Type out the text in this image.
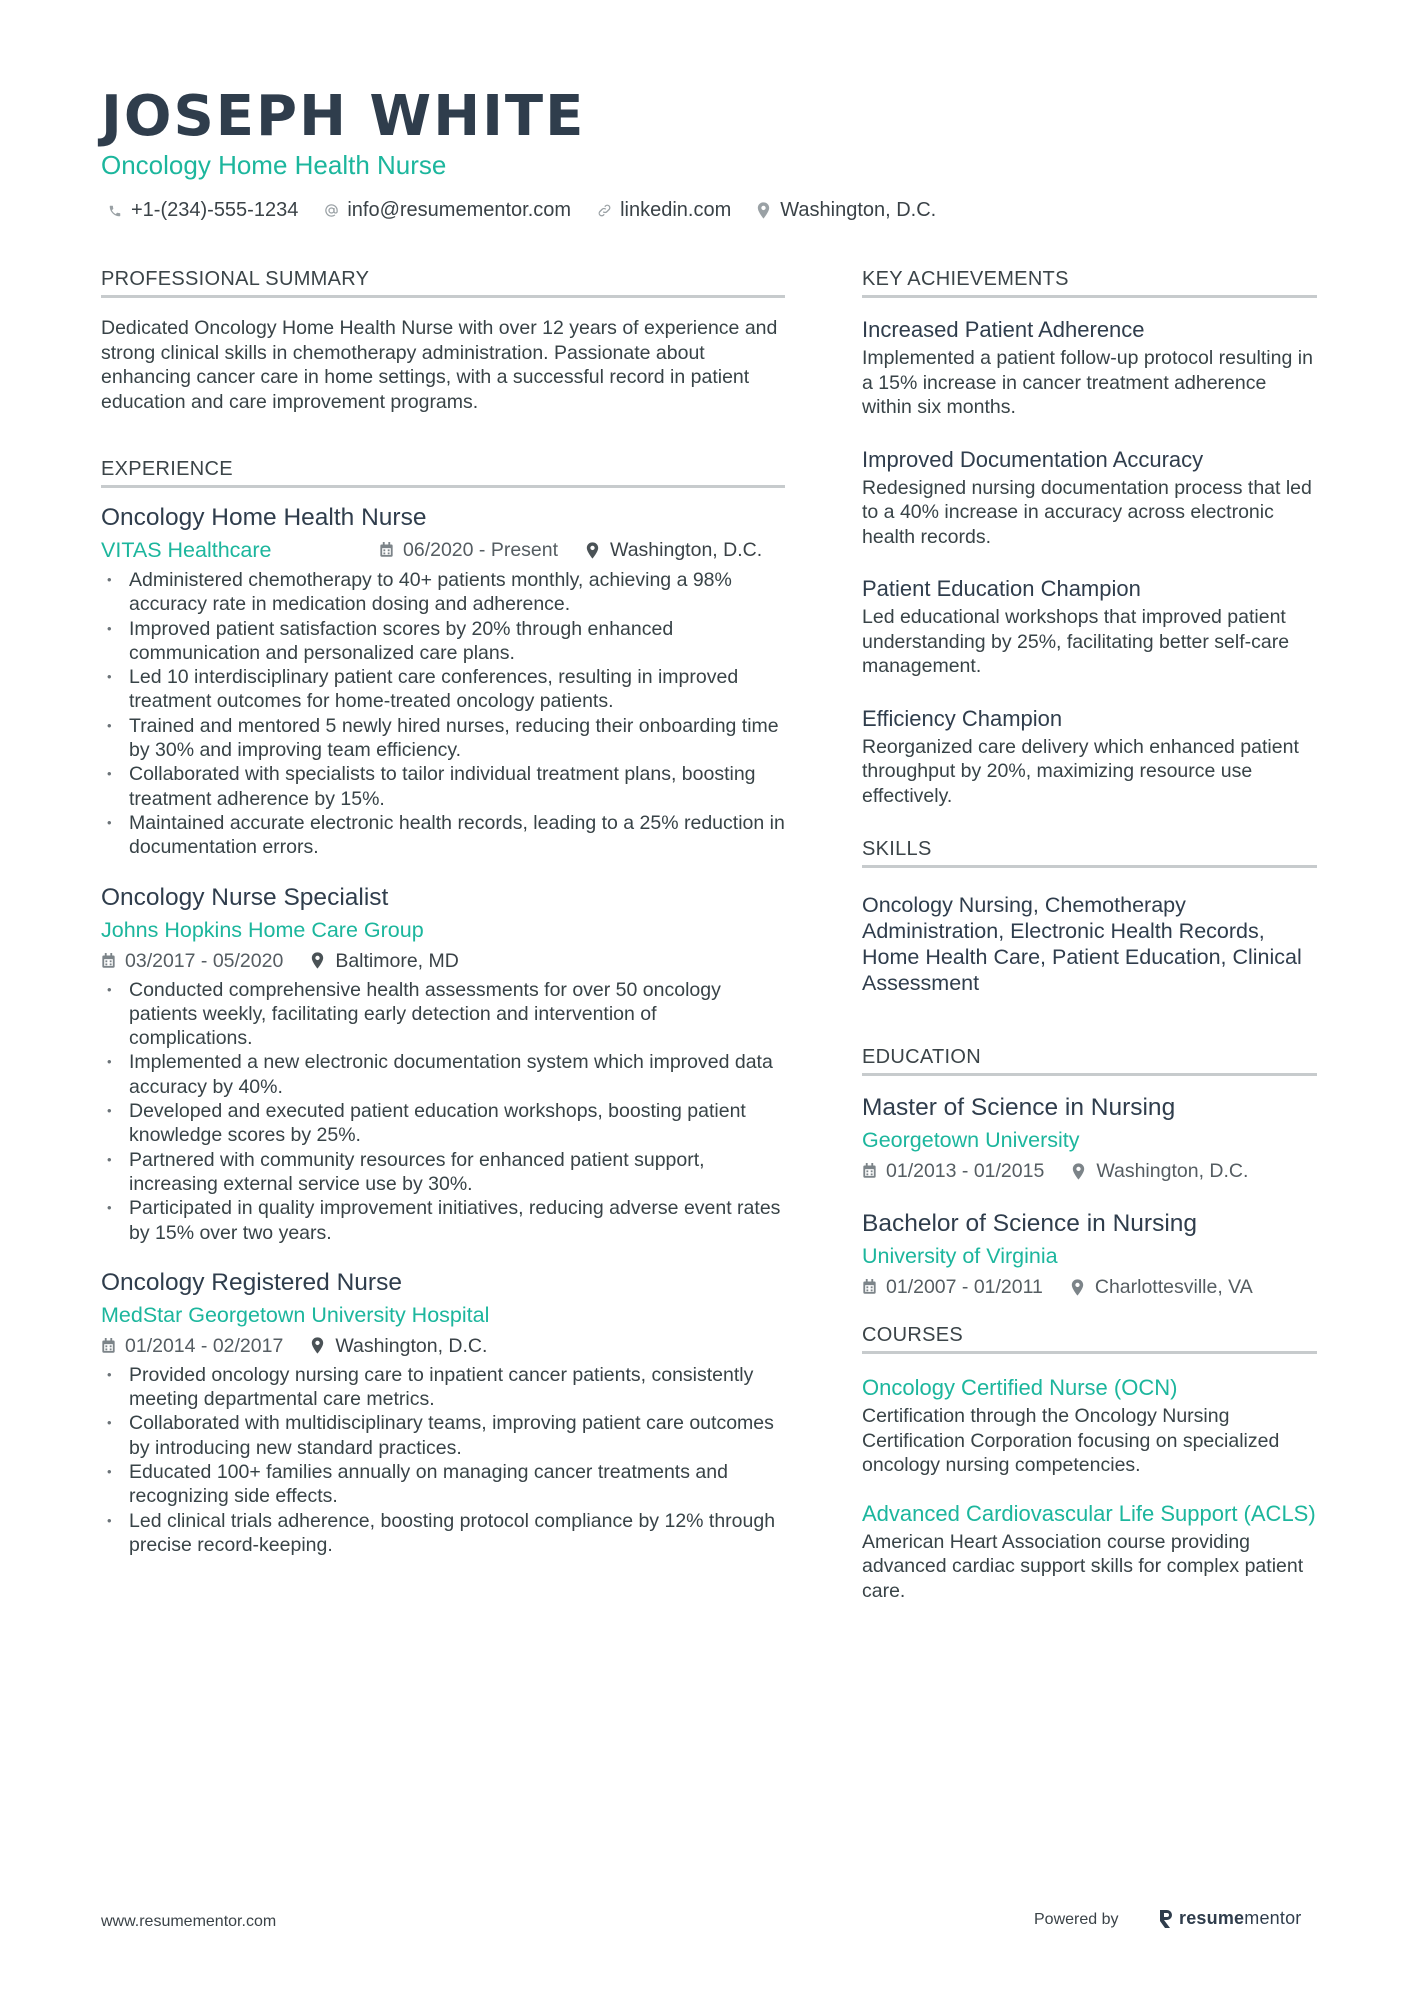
JOSEPH WHITE
Oncology Home Health Nurse
+1-(234)-555-1234 info@resumementor.com linkedin.com Washington, D.C.
PROFESSIONAL SUMMARY
Dedicated Oncology Home Health Nurse with over 12 years of experience and strong clinical skills in chemotherapy administration. Passionate about enhancing cancer care in home settings, with a successful record in patient education and care improvement programs.
EXPERIENCE
Oncology Home Health Nurse
VITAS Healthcare	06/2020 - Present	Washington, D.C.
• Administered chemotherapy to 40+ patients monthly, achieving a 98% accuracy rate in medication dosing and adherence.
• Improved patient satisfaction scores by 20% through enhanced communication and personalized care plans.
• Led 10 interdisciplinary patient care conferences, resulting in improved treatment outcomes for home-treated oncology patients.
• Trained and mentored 5 newly hired nurses, reducing their onboarding time by 30% and improving team efficiency.
• Collaborated with specialists to tailor individual treatment plans, boosting treatment adherence by 15%.
• Maintained accurate electronic health records, leading to a 25% reduction in documentation errors.
Oncology Nurse Specialist
Johns Hopkins Home Care Group
03/2017 - 05/2020	Baltimore, MD
• Conducted comprehensive health assessments for over 50 oncology patients weekly, facilitating early detection and intervention of complications.
• Implemented a new electronic documentation system which improved data accuracy by 40%.
• Developed and executed patient education workshops, boosting patient knowledge scores by 25%.
• Partnered with community resources for enhanced patient support, increasing external service use by 30%.
• Participated in quality improvement initiatives, reducing adverse event rates by 15% over two years.
Oncology Registered Nurse
MedStar Georgetown University Hospital
01/2014 - 02/2017	Washington, D.C.
• Provided oncology nursing care to inpatient cancer patients, consistently meeting departmental care metrics.
• Collaborated with multidisciplinary teams, improving patient care outcomes by introducing new standard practices.
• Educated 100+ families annually on managing cancer treatments and recognizing side effects.
• Led clinical trials adherence, boosting protocol compliance by 12% through precise record-keeping.
KEY ACHIEVEMENTS
Increased Patient Adherence
Implemented a patient follow-up protocol resulting in a 15% increase in cancer treatment adherence within six months.
Improved Documentation Accuracy
Redesigned nursing documentation process that led to a 40% increase in accuracy across electronic health records.
Patient Education Champion
Led educational workshops that improved patient understanding by 25%, facilitating better self-care management.
Efficiency Champion
Reorganized care delivery which enhanced patient throughput by 20%, maximizing resource use effectively.
SKILLS
Oncology Nursing, Chemotherapy Administration, Electronic Health Records, Home Health Care, Patient Education, Clinical Assessment
EDUCATION
Master of Science in Nursing
Georgetown University
01/2013 - 01/2015	Washington, D.C.
Bachelor of Science in Nursing
University of Virginia
01/2007 - 01/2011	Charlottesville, VA
COURSES
Oncology Certified Nurse (OCN)
Certification through the Oncology Nursing Certification Corporation focusing on specialized oncology nursing competencies.
Advanced Cardiovascular Life Support (ACLS)
American Heart Association course providing advanced cardiac support skills for complex patient care.
www.resumementor.com	Powered by	resumementor
